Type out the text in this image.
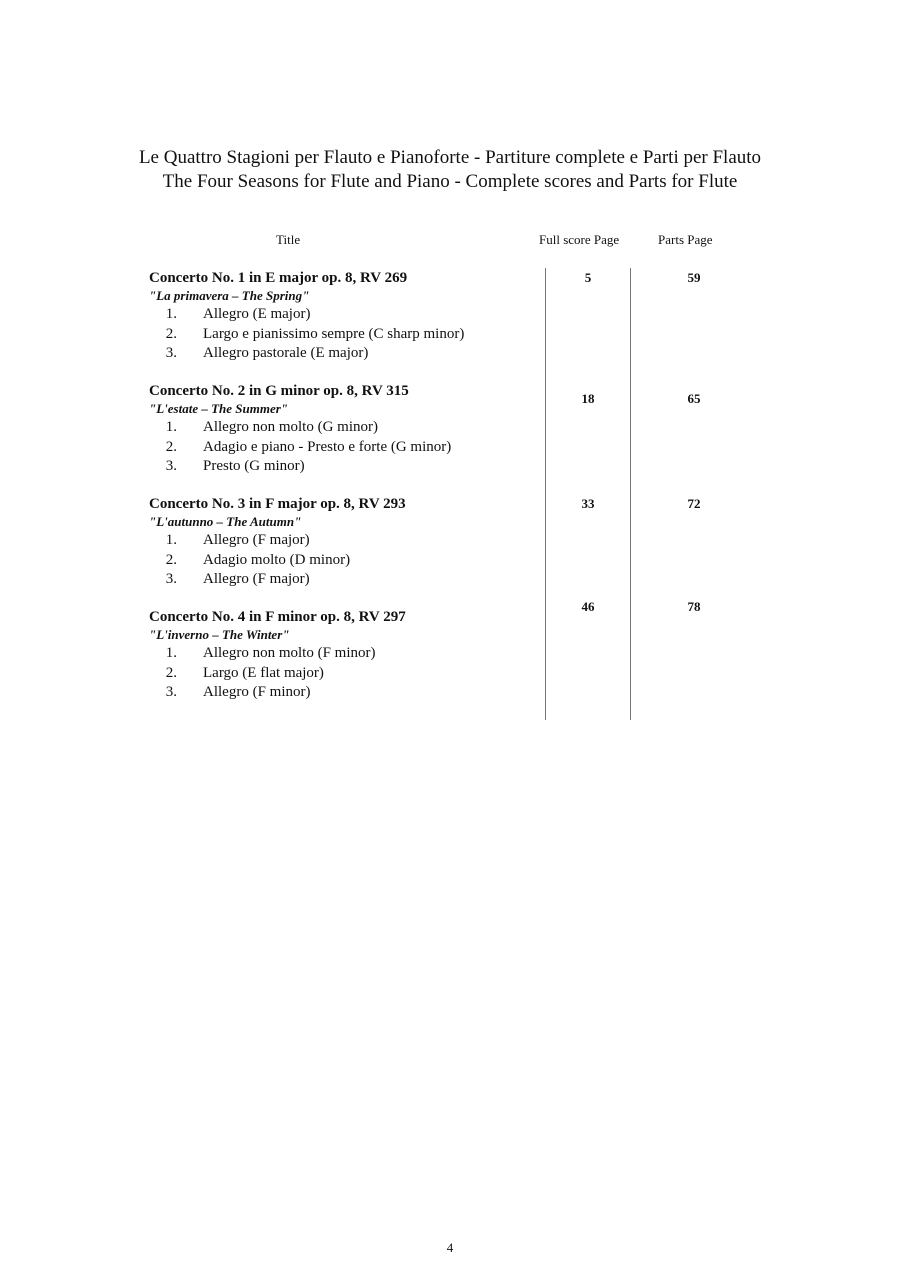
Le Quattro Stagioni per Flauto e Pianoforte - Partiture complete e Parti per Flauto
The Four Seasons for Flute and Piano - Complete scores and Parts for Flute
Title	Full score Page	Parts Page

Concerto No. 1 in E major op. 8, RV 269

"La primavera – The Spring"

1. Allegro (E major)

2. Largo e pianissimo sempre (C sharp minor)

3. Allegro pastorale (E major)

5	59

Concerto No. 2 in G minor op. 8, RV 315

"L'estate – The Summer"

1. Allegro non molto (G minor)

2. Adagio e piano - Presto e forte (G minor)

3. Presto (G minor)

18	65

Concerto No. 3 in F major op. 8, RV 293

"L'autunno – The Autumn"

1. Allegro (F major)

2. Adagio molto (D minor)

3. Allegro (F major)

33	72

Concerto No. 4 in F minor op. 8, RV 297

"L'inverno – The Winter"

1. Allegro non molto (F minor)

2. Largo (E flat major)

3. Allegro (F minor)

46	78
4
